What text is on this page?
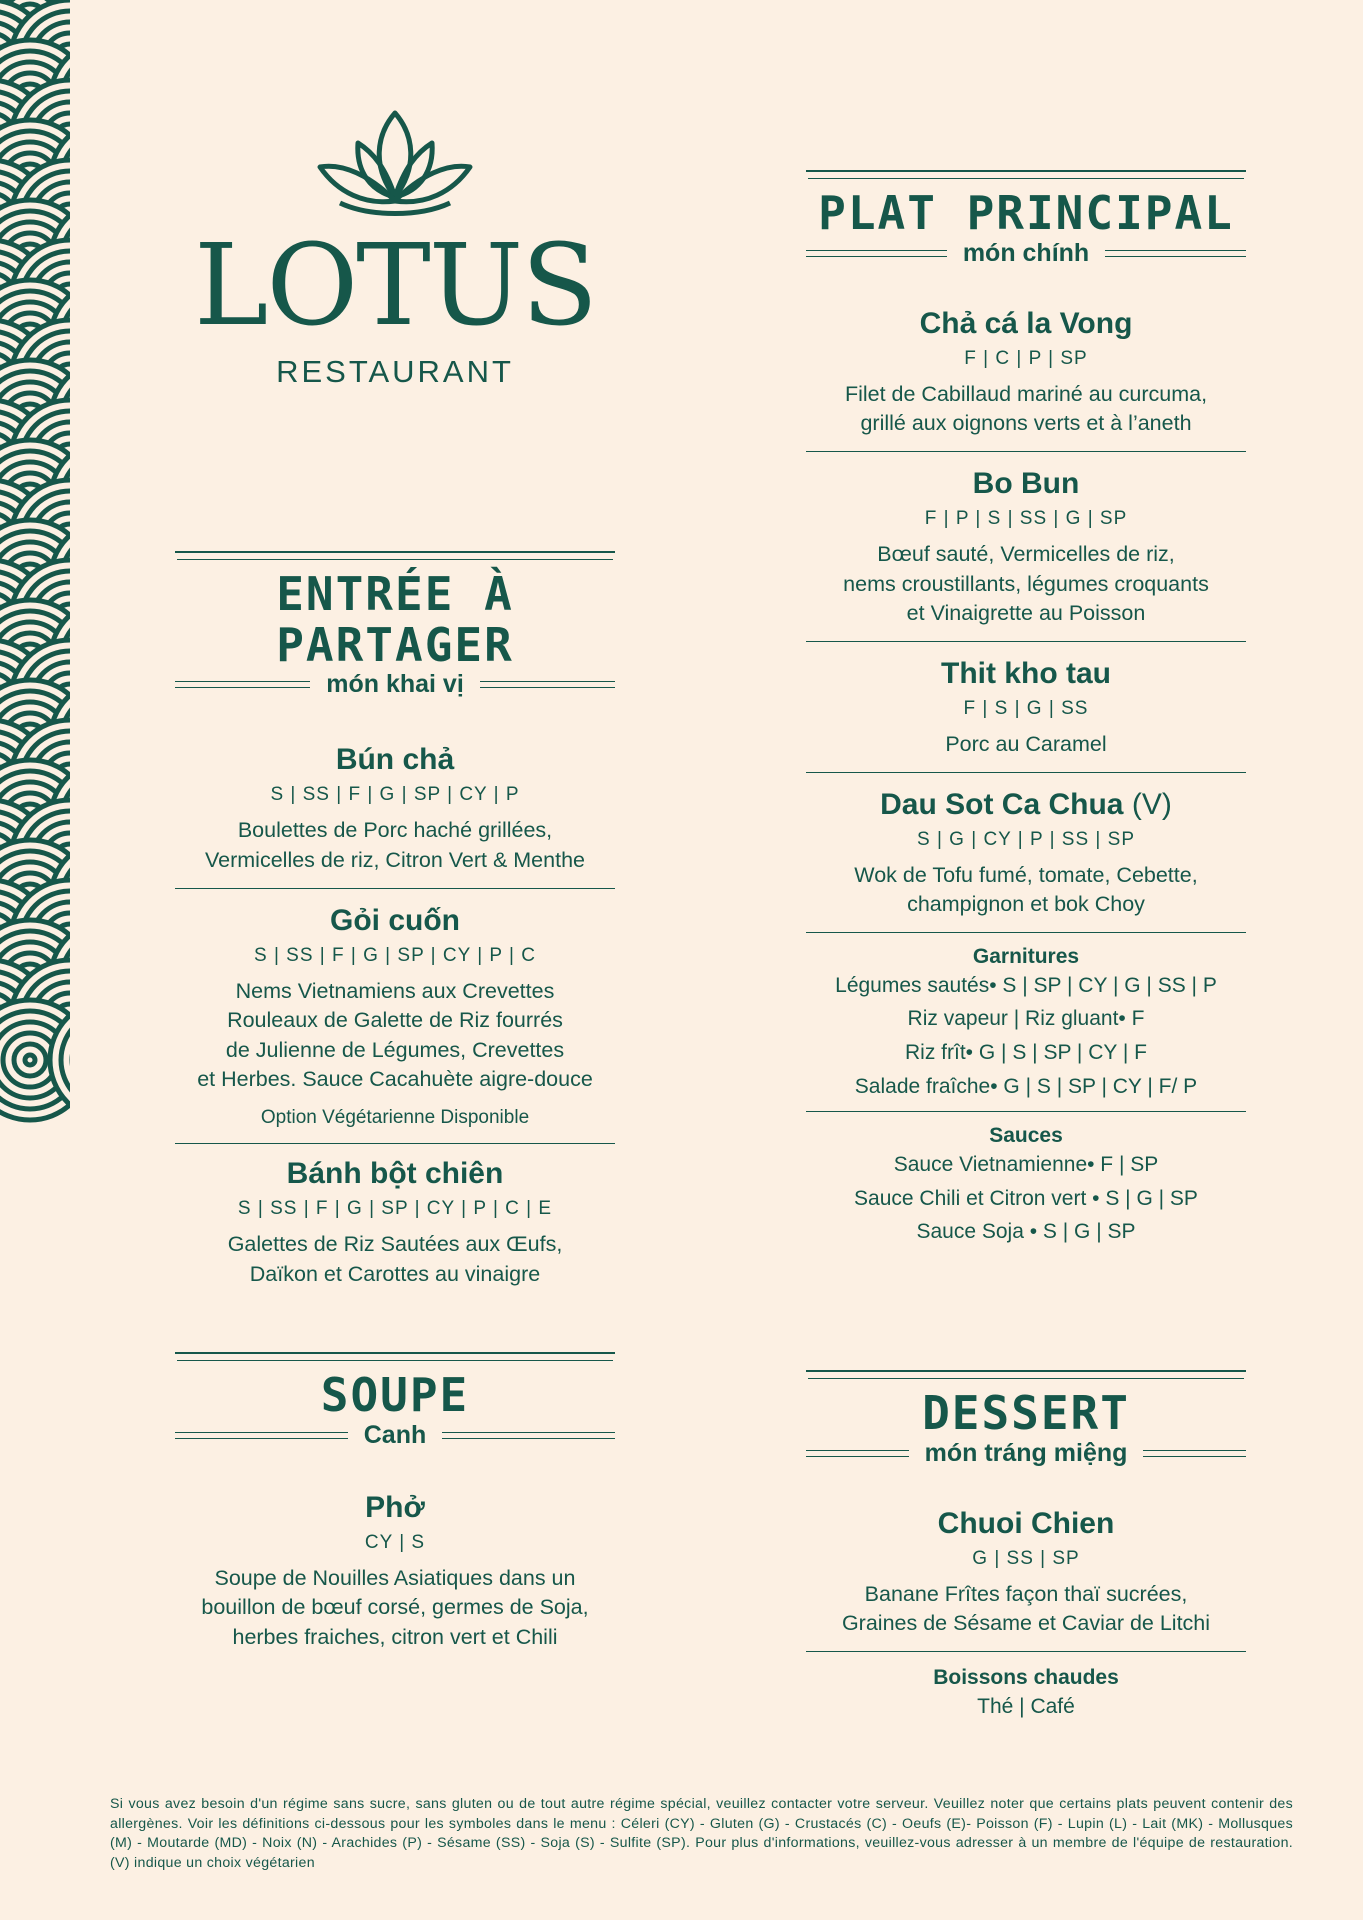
LOTUS
RESTAURANT
ENTRÉE À PARTAGER
món khai vị
Bún chả
S | SS | F | G | SP | CY | P
Boulettes de Porc haché grillées,
Vermicelles de riz, Citron Vert & Menthe
Gỏi cuốn
S | SS | F | G | SP | CY | P | C
Nems Vietnamiens aux Crevettes
Rouleaux de Galette de Riz fourrés
de Julienne de Légumes, Crevettes
et Herbes. Sauce Cacahuète aigre-douce
Option Végétarienne Disponible
Bánh bột chiên
S | SS | F | G | SP | CY | P | C | E
Galettes de Riz Sautées aux Œufs,
Daïkon et Carottes au vinaigre
SOUPE
Canh
Phở
CY | S
Soupe de Nouilles Asiatiques dans un
bouillon de bœuf corsé, germes de Soja,
herbes fraiches, citron vert et Chili
PLAT PRINCIPAL
món chính
Chả cá la Vong
F | C | P | SP
Filet de Cabillaud mariné au curcuma,
grillé aux oignons verts et à l’aneth
Bo Bun
F | P | S | SS | G | SP
Bœuf sauté, Vermicelles de riz,
nems croustillants, légumes croquants
et Vinaigrette au Poisson
Thit kho tau
F | S | G | SS
Porc au Caramel
Dau Sot Ca Chua (V)
S | G | CY | P | SS | SP
Wok de Tofu fumé, tomate, Cebette,
champignon et bok Choy
Garnitures
Légumes sautés• S | SP | CY | G | SS | P
Riz vapeur | Riz gluant• F
Riz frît• G | S | SP | CY | F
Salade fraîche• G | S | SP | CY | F/ P
Sauces
Sauce Vietnamienne• F | SP
Sauce Chili et Citron vert • S | G | SP
Sauce Soja • S | G | SP
DESSERT
món tráng miệng
Chuoi Chien
G | SS | SP
Banane Frîtes façon thaï sucrées,
Graines de Sésame et Caviar de Litchi
Boissons chaudes
Thé | Café
Si vous avez besoin d'un régime sans sucre, sans gluten ou de tout autre régime spécial, veuillez contacter votre serveur. Veuillez noter que certains plats peuvent contenir des allergènes. Voir les définitions ci-dessous pour les symboles dans le menu : Céleri (CY) - Gluten (G) - Crustacés (C) - Oeufs (E)- Poisson (F) - Lupin (L) - Lait (MK) - Mollusques (M) - Moutarde (MD) - Noix (N) - Arachides (P) - Sésame (SS) - Soja (S) - Sulfite (SP). Pour plus d'informations, veuillez-vous adresser à un membre de l'équipe de restauration. (V) indique un choix végétarien
